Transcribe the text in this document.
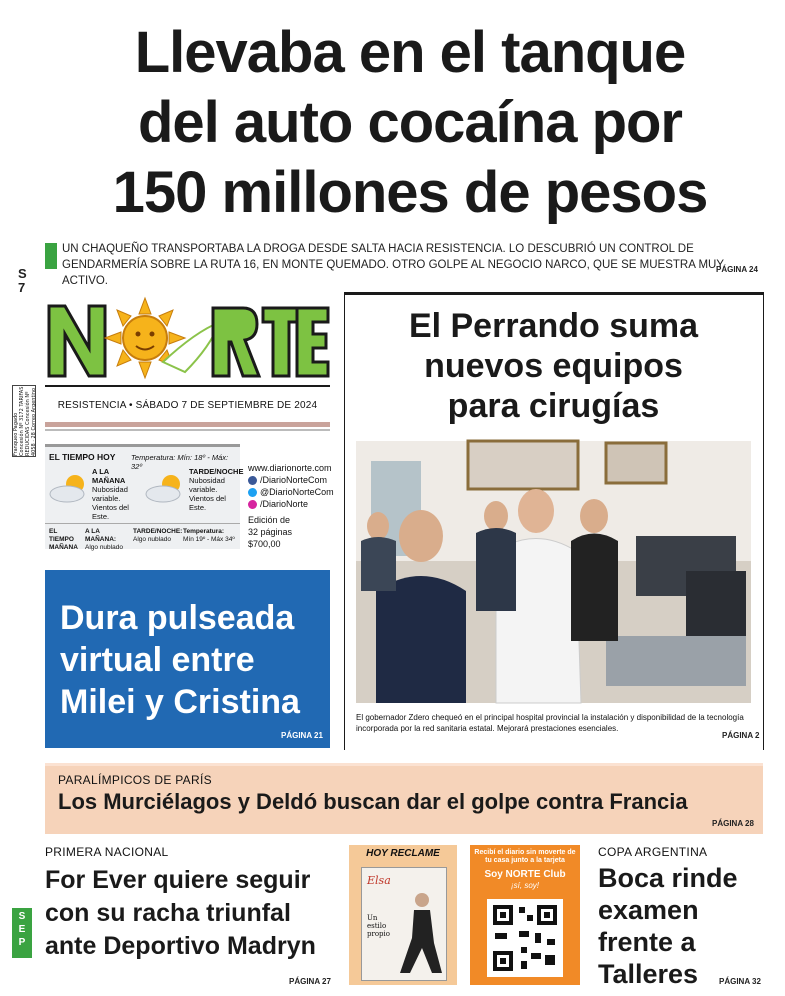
Llevaba en el tanque
del auto cocaína por
150 millones de pesos
UN CHAQUEÑO TRANSPORTABA LA DROGA DESDE SALTA HACIA RESISTENCIA. LO DESCUBRIÓ UN CONTROL DE GENDARMERÍA SOBRE LA RUTA 16, EN MONTE QUEMADO. OTRO GOLPE AL NEGOCIO NARCO, QUE SE MUESTRA MUY ACTIVO.
PÁGINA 24
S
7
Franqueo Pagado Concesión Nº 3172 TARIFAS REDUCIDAS Concesión Nº 4058 · 28 Correo Argentino	RESISTENCIA • SÁBADO 7 DE SEPTIEMBRE DE 2024
EL TIEMPO HOY Temperatura: Mín: 18º - Máx: 32º
A LA MAÑANA
Nubosidad variable. Vientos del Este.
TARDE/NOCHE
Nubosidad variable. Vientos del Este.
EL TIEMPO MAÑANA
A LA MAÑANA:
Algo nublado
TARDE/NOCHE:
Algo nublado
Temperatura:
Mín 19º - Máx 34º
www.diarionorte.com
/DiarioNorteCom
@DiarioNorteCom
/DiarioNorte
Edición de 32 páginas $700,00
Dura pulseada
virtual entre
Milei y Cristina
PÁGINA 21
El Perrando suma
nuevos equipos
para cirugías
El gobernador Zdero chequeó en el principal hospital provincial la instalación y disponibilidad de la tecnología incorporada por la red sanitaria estatal. Mejorará prestaciones esenciales.
PÁGINA 2
PARALÍMPICOS DE PARÍS
Los Murciélagos y Deldó buscan dar el golpe contra Francia
PÁGINA 28
PRIMERA NACIONAL
For Ever quiere seguir
con su racha triunfal
ante Deportivo Madryn
PÁGINA 27
S
E
P
HOY RECLAME
Elsa
Un estilo propio
Recibí el diario sin moverte de tu casa junto a la tarjeta
Soy NORTE Club
¡sí, soy!
COPA ARGENTINA
Boca rinde
examen
frente a
Talleres	PÁGINA 32
